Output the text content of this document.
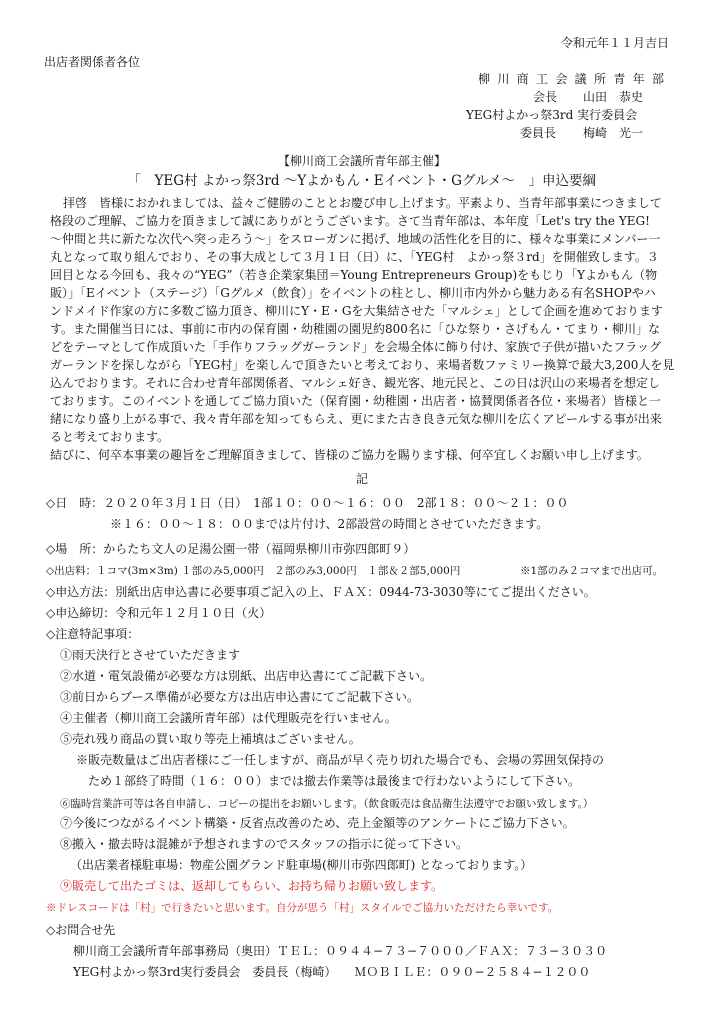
令和元年１１月吉日
出店者関係者各位
柳川商工会議所青年部
会長 山田　恭史
YEG村よかっ祭3rd 実行委員会
委員長 梅崎　光一
【柳川商工会議所青年部主催】
「　YEG村 よかっ祭3rd 〜Yよかもん・Eイベント・Gグルメ〜　」申込要綱
拝啓　皆様におかれましては、益々ご健勝のこととお慶び申し上げます。平素より、当青年部事業につきまして
格段のご理解、ご協力を頂きまして誠にありがとうございます。さて当青年部は、本年度「Let's try the YEG!
〜仲間と共に新たな次代へ突っ走ろう〜」をスローガンに掲げ、地域の活性化を目的に、様々な事業にメンバー一
丸となって取り組んでおり、その事大成として３月１日（日）に、「YEG村　よかっ祭３rd」を開催致します。３
回目となる今回も、我々の“YEG”（若き企業家集団＝Young Entrepreneurs Group)をもじり「Yよかもん（物
販）」「Eイベント（ステージ）「Gグルメ（飲食）」をイベントの柱とし、柳川市内外から魅力ある有名SHOPやハ
ンドメイド作家の方に多数ご協力頂き、柳川にY・E・Gを大集結させた「マルシェ」として企画を進めております
す。また開催当日には、事前に市内の保育園・幼稚園の園児約800名に「ひな祭り・さげもん・てまり・柳川」な
どをテーマとして作成頂いた「手作りフラッグガーランド」を会場全体に飾り付け、家族で子供が描いたフラッグ
ガーランドを探しながら「YEG村」を楽しんで頂きたいと考えており、来場者数ファミリー換算で最大3,200人を見
込んでおります。それに合わせ青年部関係者、マルシェ好き、観光客、地元民と、この日は沢山の来場者を想定し
ております。このイベントを通してご協力頂いた（保育園・幼稚園・出店者・協賛関係者各位・来場者）皆様と一
緒になり盛り上がる事で、我々青年部を知ってもらえ、更にまた古き良き元気な柳川を広くアピールする事が出来
ると考えております。
結びに、何卒本事業の趣旨をご理解頂きまして、皆様のご協力を賜ります様、何卒宜しくお願い申し上げます。
記
◇日　時：２０２０年３月１日（日）　1部１０：００〜１６：００　2部１８：００〜２１：００
※１６：００〜１８：００までは片付け、2部設営の時間とさせていただきます。
◇場　所：からたち文人の足湯公園一帯（福岡県柳川市弥四郎町９）
◇出店料：１コマ(3m×3m) １部のみ5,000円　２部のみ3,000円　１部＆２部5,000円	※1部のみ２コマまで出店可。
◇申込方法：別紙出店申込書に必要事項ご記入の上、ＦＡＸ：0944-73-3030等にてご提出ください。
◇申込締切：令和元年１２月１０日（火）
◇注意特記事項：
①雨天決行とさせていただきます
②水道・電気設備が必要な方は別紙、出店申込書にてご記載下さい。
③前日からブース準備が必要な方は出店申込書にてご記載下さい。
④主催者（柳川商工会議所青年部）は代理販売を行いません。
⑤売れ残り商品の買い取り等売上補填はございません。
※販売数量はご出店者様にご一任しますが、商品が早く売り切れた場合でも、会場の雰囲気保持の
ため１部終了時間（１６：００）までは撤去作業等は最後まで行わないようにして下さい。
⑥臨時営業許可等は各自申請し、コピーの提出をお願いします。（飲食販売は食品衛生法遵守でお願い致します。）
⑦今後につながるイベント構築・反省点改善のため、売上金額等のアンケートにご協力下さい。
⑧搬入・撤去時は混雑が予想されますのでスタッフの指示に従って下さい。
（出店業者様駐車場：物産公園グランド駐車場(柳川市弥四郎町) となっております。）
⑨販売して出たゴミは、返却してもらい、お持ち帰りお願い致します。
※ドレスコードは「村」で行きたいと思います。自分が思う「村」スタイルでご協力いただけたら幸いです。
◇お問合せ先
柳川商工会議所青年部事務局（奥田）ＴＥＬ：０９４４−７３−７０００／ＦＡＸ：７３−３０３０
YEG村よかっ祭3rd実行委員会　委員長（梅崎）　　ＭＯＢＩＬＥ：０９０−２５８４−１２００
